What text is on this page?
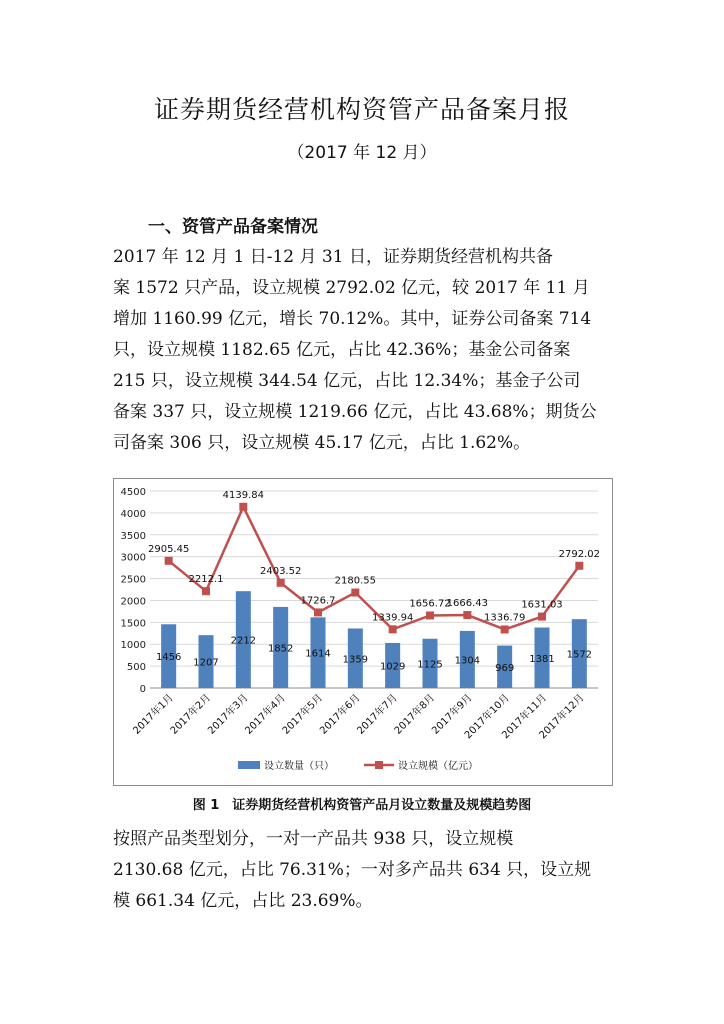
证券期货经营机构资管产品备案月报
（2017 年 12 月）
一、资管产品备案情况
2017 年 12 月 1 日-12 月 31 日，证券期货经营机构共备
案 1572 只产品，设立规模 2792.02 亿元，较 2017 年 11 月
增加 1160.99 亿元，增长 70.12%。其中，证券公司备案 714
只，设立规模 1182.65 亿元，占比 42.36%；基金公司备案
215 只，设立规模 344.54 亿元，占比 12.34%；基金子公司
备案 337 只，设立规模 1219.66 亿元，占比 43.68%；期货公
司备案 306 只，设立规模 45.17 亿元，占比 1.62%。
0
500
1000
1500
2000
2500
3000
3500
4000
4500
1456 1207
2212
1852 1614
1359
1029 1125 1304
969
1381 1572
2905.45
2212.1
4139.84
2403.52
1726.7
2180.55
1339.94
1656.72
1666.43
1336.79
1631.03
2792.02
2017年1月
2017年2月
2017年3月
2017年4月
2017年5月
2017年6月
2017年7月
2017年8月
2017年9月
2017年10月
2017年11月
2017年12月
设立数量（只）	设立规模（亿元）
图 1　证券期货经营机构资管产品月设立数量及规模趋势图
按照产品类型划分，一对一产品共 938 只，设立规模
2130.68 亿元，占比 76.31%；一对多产品共 634 只，设立规
模 661.34 亿元，占比 23.69%。
